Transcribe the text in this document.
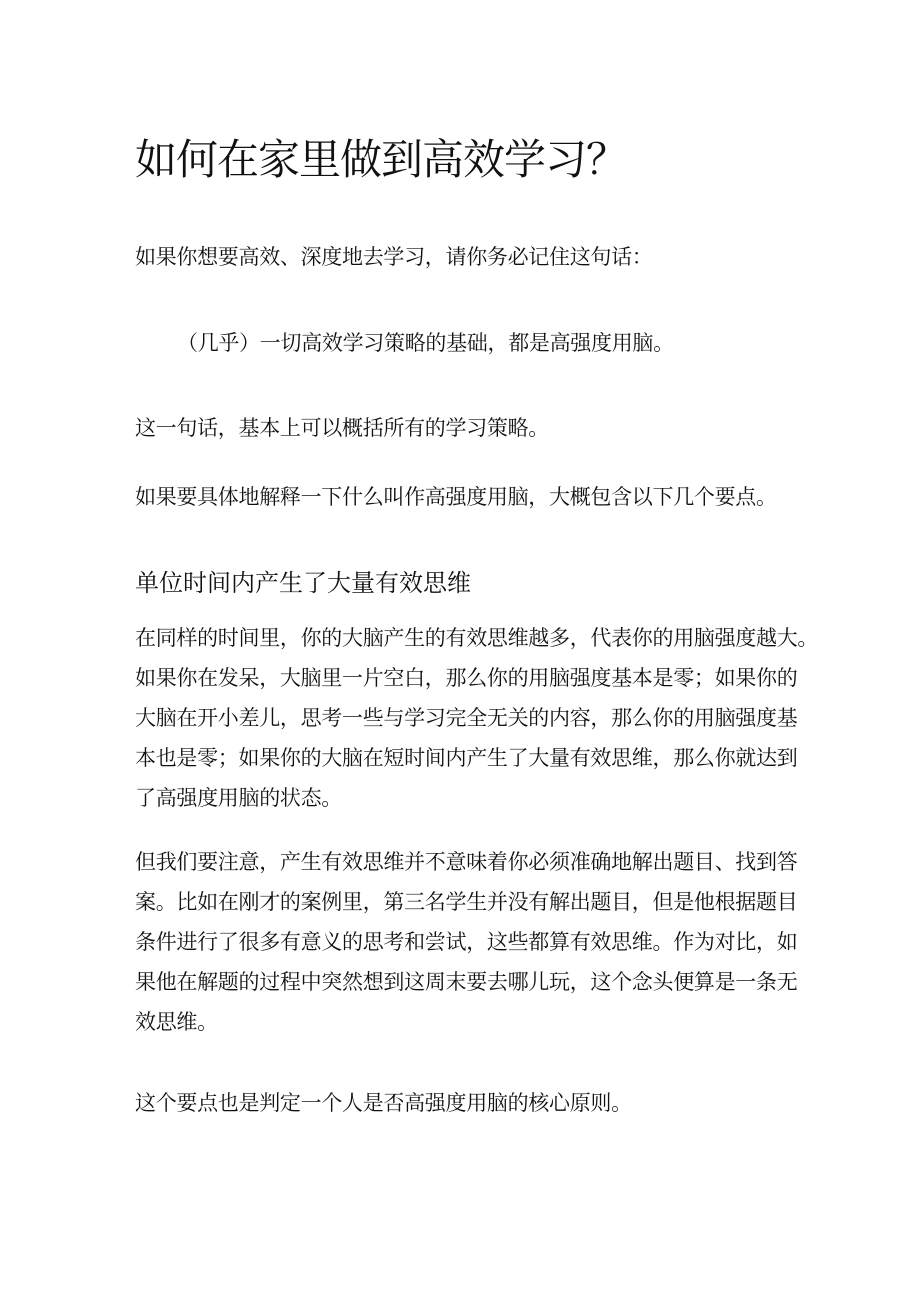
如何在家里做到高效学习？

如果你想要高效、深度地去学习，请你务必记住这句话：

（几乎）一切高效学习策略的基础，都是高强度用脑。

这一句话，基本上可以概括所有的学习策略。

如果要具体地解释一下什么叫作高强度用脑，大概包含以下几个要点。

单位时间内产生了大量有效思维

在同样的时间里，你的大脑产生的有效思维越多，代表你的用脑强度越大。
如果你在发呆，大脑里一片空白，那么你的用脑强度基本是零；如果你的
大脑在开小差儿，思考一些与学习完全无关的内容，那么你的用脑强度基
本也是零；如果你的大脑在短时间内产生了大量有效思维，那么你就达到
了高强度用脑的状态。

但我们要注意，产生有效思维并不意味着你必须准确地解出题目、找到答
案。比如在刚才的案例里，第三名学生并没有解出题目，但是他根据题目
条件进行了很多有意义的思考和尝试，这些都算有效思维。作为对比，如
果他在解题的过程中突然想到这周末要去哪儿玩，这个念头便算是一条无
效思维。

这个要点也是判定一个人是否高强度用脑的核心原则。
